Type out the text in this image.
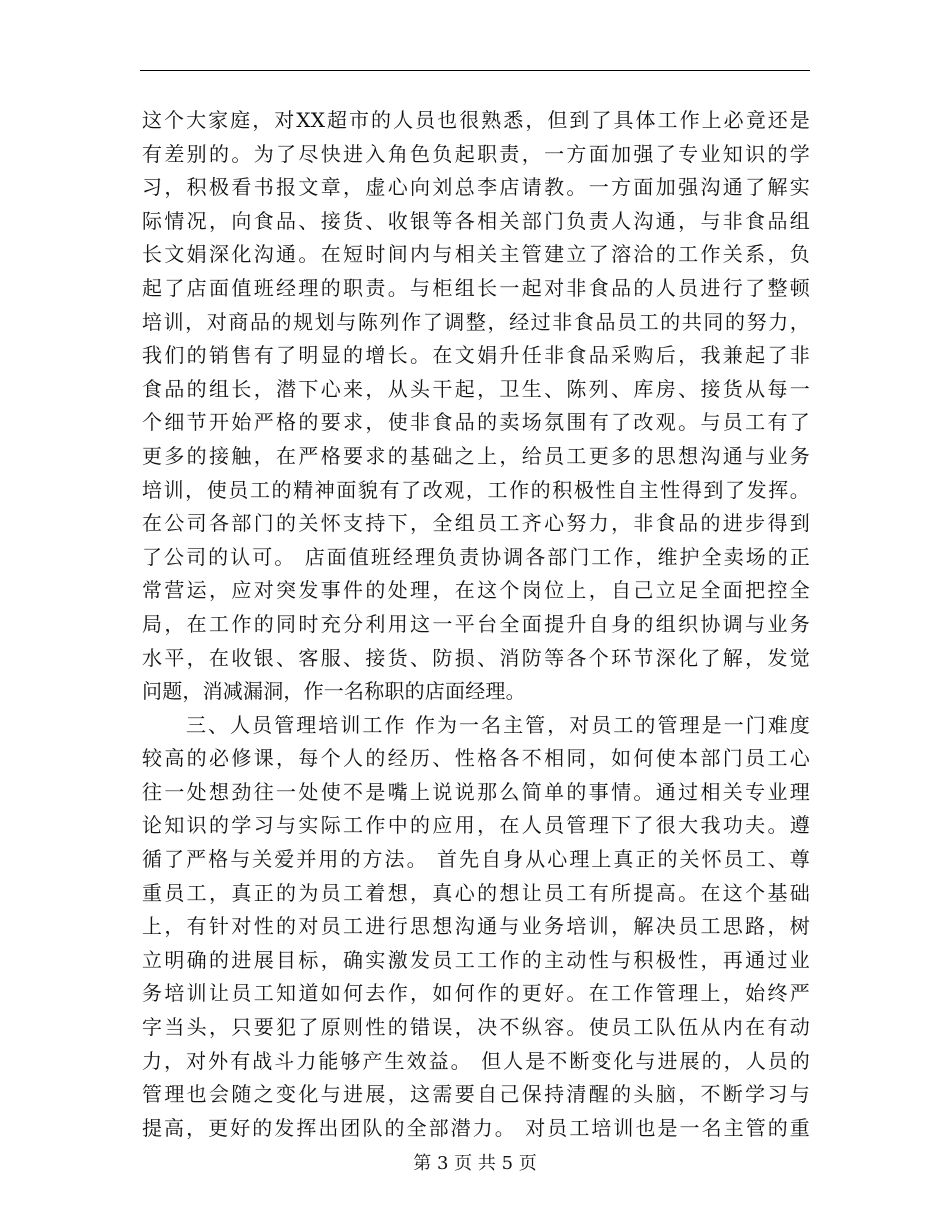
这个大家庭，对XX超市的人员也很熟悉，但到了具体工作上必竟还是
有差别的。为了尽快进入角色负起职责，一方面加强了专业知识的学
习，积极看书报文章，虚心向刘总李店请教。一方面加强沟通了解实
际情况，向食品、接货、收银等各相关部门负责人沟通，与非食品组
长文娟深化沟通。在短时间内与相关主管建立了溶洽的工作关系，负
起了店面值班经理的职责。与柜组长一起对非食品的人员进行了整顿
培训，对商品的规划与陈列作了调整，经过非食品员工的共同的努力，
我们的销售有了明显的增长。在文娟升任非食品采购后，我兼起了非
食品的组长，潜下心来，从头干起，卫生、陈列、库房、接货从每一
个细节开始严格的要求，使非食品的卖场氛围有了改观。与员工有了
更多的接触，在严格要求的基础之上，给员工更多的思想沟通与业务
培训，使员工的精神面貌有了改观，工作的积极性自主性得到了发挥。
在公司各部门的关怀支持下，全组员工齐心努力，非食品的进步得到
了公司的认可。 店面值班经理负责协调各部门工作，维护全卖场的正
常营运，应对突发事件的处理，在这个岗位上，自己立足全面把控全
局，在工作的同时充分利用这一平台全面提升自身的组织协调与业务
水平，在收银、客服、接货、防损、消防等各个环节深化了解，发觉
问题，消减漏洞，作一名称职的店面经理。
三、人员管理培训工作 作为一名主管，对员工的管理是一门难度
较高的必修课，每个人的经历、性格各不相同，如何使本部门员工心
往一处想劲往一处使不是嘴上说说那么简单的事情。通过相关专业理
论知识的学习与实际工作中的应用，在人员管理下了很大我功夫。遵
循了严格与关爱并用的方法。 首先自身从心理上真正的关怀员工、尊
重员工，真正的为员工着想，真心的想让员工有所提高。在这个基础
上，有针对性的对员工进行思想沟通与业务培训，解决员工思路，树
立明确的进展目标，确实激发员工工作的主动性与积极性，再通过业
务培训让员工知道如何去作，如何作的更好。在工作管理上，始终严
字当头，只要犯了原则性的错误，决不纵容。使员工队伍从内在有动
力，对外有战斗力能够产生效益。 但人是不断变化与进展的，人员的
管理也会随之变化与进展，这需要自己保持清醒的头脑，不断学习与
提高，更好的发挥出团队的全部潜力。 对员工培训也是一名主管的重
第 3 页 共 5 页
